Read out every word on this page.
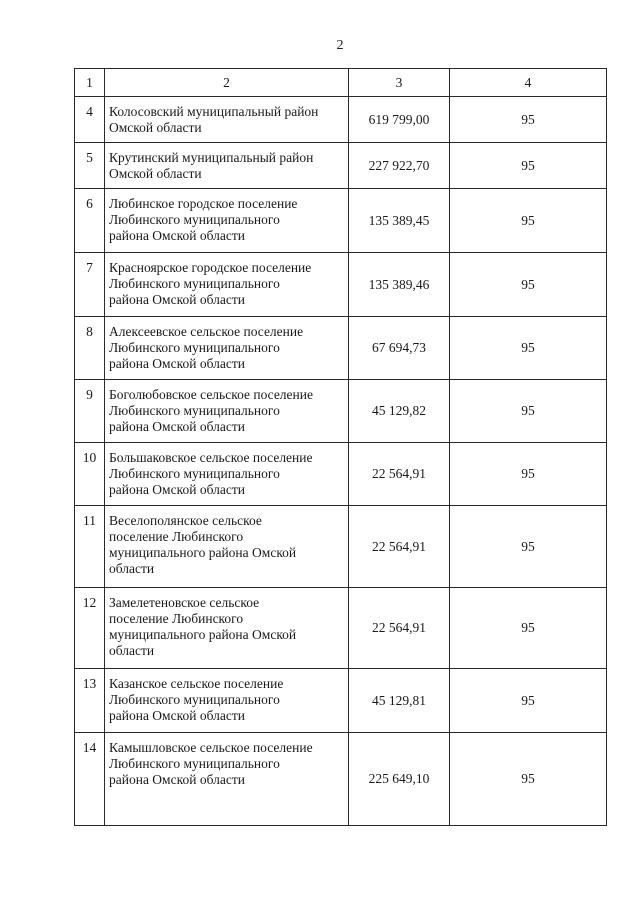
2
1	2	3	4
4	Колосовский муниципальный район
Омской области	619 799,00	95
5	Крутинский муниципальный район
Омской области	227 922,70	95
6	Любинское городское поселение
Любинского муниципального
района Омской области	135 389,45	95
7	Красноярское городское поселение
Любинского муниципального
района Омской области	135 389,46	95
8	Алексеевское сельское поселение
Любинского муниципального
района Омской области	67 694,73	95
9	Боголюбовское сельское поселение
Любинского муниципального
района Омской области	45 129,82	95
10	Большаковское сельское поселение
Любинского муниципального
района Омской области	22 564,91	95
11	Веселополянское сельское
поселение Любинского
муниципального района Омской
области	22 564,91	95
12	Замелетеновское сельское
поселение Любинского
муниципального района Омской
области	22 564,91	95
13	Казанское сельское поселение
Любинского муниципального
района Омской области	45 129,81	95
14	Камышловское сельское поселение
Любинского муниципального
района Омской области	225 649,10	95
